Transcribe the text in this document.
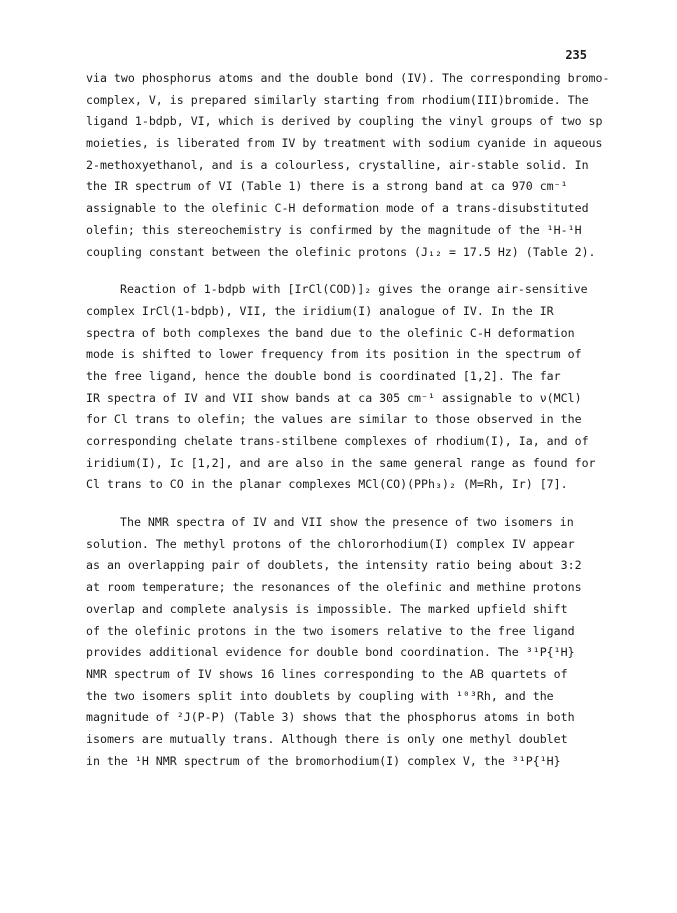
235
via two phosphorus atoms and the double bond (IV). The corresponding bromo-
complex, V, is prepared similarly starting from rhodium(III)bromide. The
ligand 1-bdpb, VI, which is derived by coupling the vinyl groups of two sp
moieties, is liberated from IV by treatment with sodium cyanide in aqueous
2-methoxyethanol, and is a colourless, crystalline, air-stable solid. In
the IR spectrum of VI (Table 1) there is a strong band at ca 970 cm⁻¹
assignable to the olefinic C-H deformation mode of a trans-disubstituted
olefin; this stereochemistry is confirmed by the magnitude of the ¹H-¹H
coupling constant between the olefinic protons (J₁₂ = 17.5 Hz) (Table 2).
Reaction of 1-bdpb with [IrCl(COD)]₂ gives the orange air-sensitive
complex IrCl(1-bdpb), VII, the iridium(I) analogue of IV. In the IR
spectra of both complexes the band due to the olefinic C-H deformation
mode is shifted to lower frequency from its position in the spectrum of
the free ligand, hence the double bond is coordinated [1,2]. The far
IR spectra of IV and VII show bands at ca 305 cm⁻¹ assignable to ν(MCl)
for Cl trans to olefin; the values are similar to those observed in the
corresponding chelate trans-stilbene complexes of rhodium(I), Ia, and of
iridium(I), Ic [1,2], and are also in the same general range as found for
Cl trans to CO in the planar complexes MCl(CO)(PPh₃)₂ (M=Rh, Ir) [7].
The NMR spectra of IV and VII show the presence of two isomers in
solution. The methyl protons of the chlororhodium(I) complex IV appear
as an overlapping pair of doublets, the intensity ratio being about 3:2
at room temperature; the resonances of the olefinic and methine protons
overlap and complete analysis is impossible. The marked upfield shift
of the olefinic protons in the two isomers relative to the free ligand
provides additional evidence for double bond coordination. The ³¹P{¹H}
NMR spectrum of IV shows 16 lines corresponding to the AB quartets of
the two isomers split into doublets by coupling with ¹⁰³Rh, and the
magnitude of ²J(P-P) (Table 3) shows that the phosphorus atoms in both
isomers are mutually trans. Although there is only one methyl doublet
in the ¹H NMR spectrum of the bromorhodium(I) complex V, the ³¹P{¹H}
